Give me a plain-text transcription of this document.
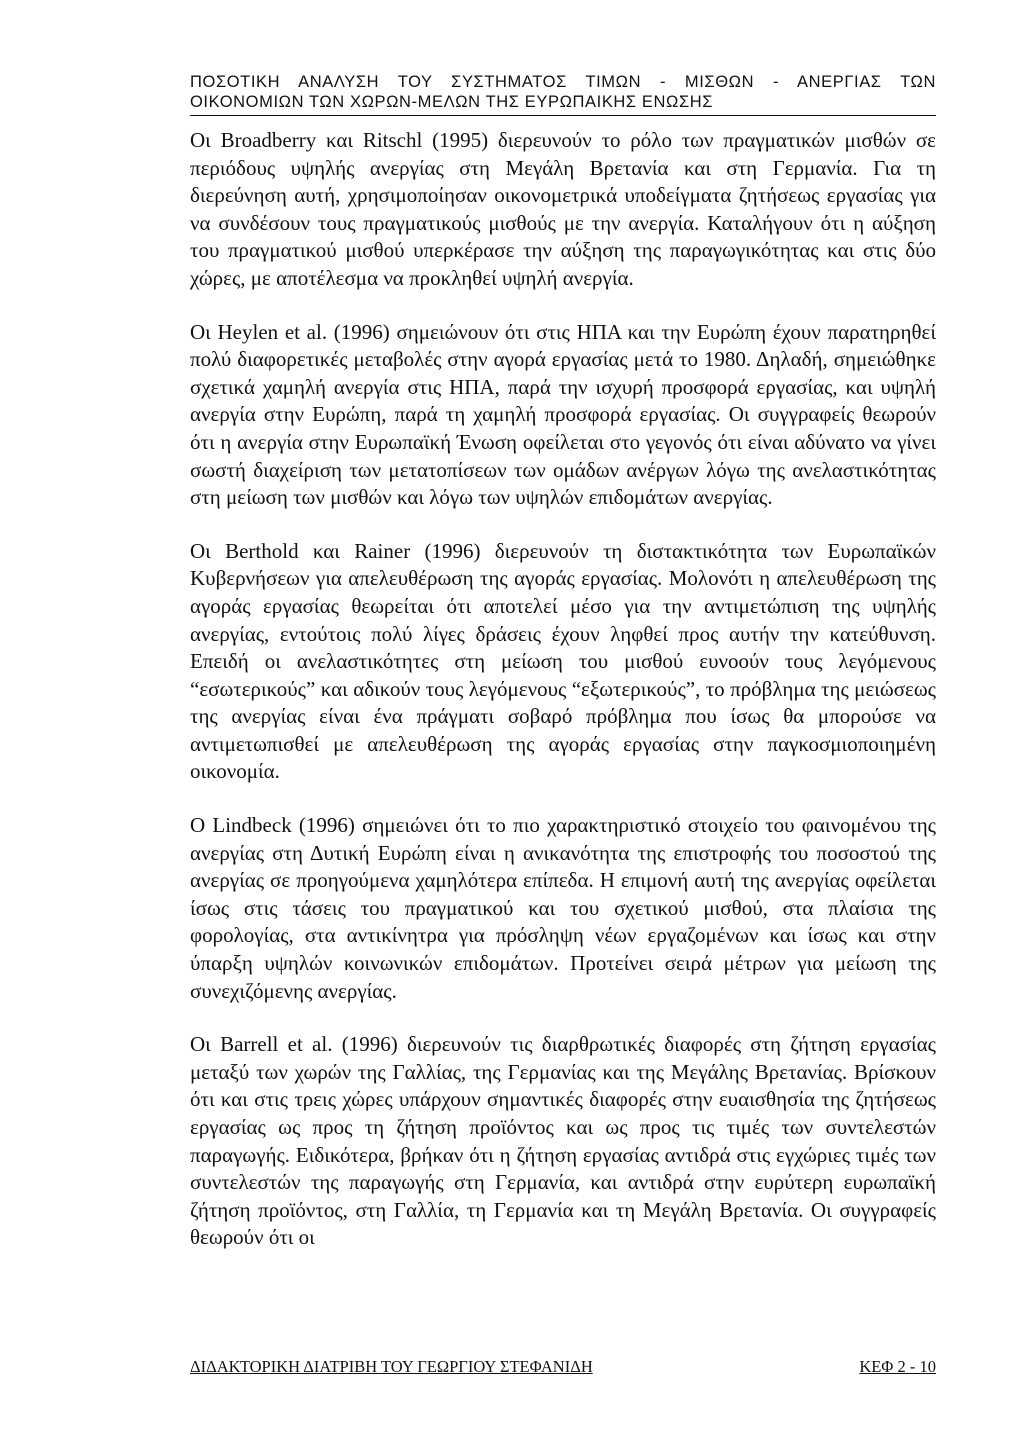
ΠΟΣΟΤΙΚΗ ΑΝΑΛΥΣΗ ΤΟΥ ΣΥΣΤΗΜΑΤΟΣ ΤΙΜΩΝ - ΜΙΣΘΩΝ - ΑΝΕΡΓΙΑΣ ΤΩΝ
ΟΙΚΟΝΟΜΙΩΝ ΤΩΝ ΧΩΡΩΝ-ΜΕΛΩΝ ΤΗΣ ΕΥΡΩΠΑΙΚΗΣ ΕΝΩΣΗΣ

Οι Broadberry και Ritschl (1995) διερευνούν το ρόλο των πραγματικών μισθών σε περιόδους υψηλής ανεργίας στη Μεγάλη Βρετανία και στη Γερμανία. Για τη διερεύνηση αυτή, χρησιμοποίησαν οικονομετρικά υποδείγματα ζητήσεως εργασίας για να συνδέσουν τους πραγματικούς μισθούς με την ανεργία. Καταλήγουν ότι η αύξηση του πραγματικού μισθού υπερκέρασε την αύξηση της παραγωγικότητας και στις δύο χώρες, με αποτέλεσμα να προκληθεί υψηλή ανεργία.

Οι Heylen et al. (1996) σημειώνουν ότι στις ΗΠΑ και την Ευρώπη έχουν παρατηρηθεί πολύ διαφορετικές μεταβολές στην αγορά εργασίας μετά το 1980. Δηλαδή, σημειώθηκε σχετικά χαμηλή ανεργία στις ΗΠΑ, παρά την ισχυρή προσφορά εργασίας, και υψηλή ανεργία στην Ευρώπη, παρά τη χαμηλή προσφορά εργασίας. Οι συγγραφείς θεωρούν ότι η ανεργία στην Ευρωπαϊκή Ένωση οφείλεται στο γεγονός ότι είναι αδύνατο να γίνει σωστή διαχείριση των μετατοπίσεων των ομάδων ανέργων λόγω της ανελαστικότητας στη μείωση των μισθών και λόγω των υψηλών επιδομάτων ανεργίας.

Οι Berthold και Rainer (1996) διερευνούν τη διστακτικότητα των Ευρωπαϊκών Κυβερνήσεων για απελευθέρωση της αγοράς εργασίας. Μολονότι η απελευθέρωση της αγοράς εργασίας θεωρείται ότι αποτελεί μέσο για την αντιμετώπιση της υψηλής ανεργίας, εντούτοις πολύ λίγες δράσεις έχουν ληφθεί προς αυτήν την κατεύθυνση. Επειδή οι ανελαστικότητες στη μείωση του μισθού ευνοούν τους λεγόμενους “εσωτερικούς” και αδικούν τους λεγόμενους “εξωτερικούς”, το πρόβλημα της μειώσεως της ανεργίας είναι ένα πράγματι σοβαρό πρόβλημα που ίσως θα μπορούσε να αντιμετωπισθεί με απελευθέρωση της αγοράς εργασίας στην παγκοσμιοποιημένη οικονομία.

Ο Lindbeck (1996) σημειώνει ότι το πιο χαρακτηριστικό στοιχείο του φαινομένου της ανεργίας στη Δυτική Ευρώπη είναι η ανικανότητα της επιστροφής του ποσοστού της ανεργίας σε προηγούμενα χαμηλότερα επίπεδα. Η επιμονή αυτή της ανεργίας οφείλεται ίσως στις τάσεις του πραγματικού και του σχετικού μισθού, στα πλαίσια της φορολογίας, στα αντικίνητρα για πρόσληψη νέων εργαζομένων και ίσως και στην ύπαρξη υψηλών κοινωνικών επιδομάτων. Προτείνει σειρά μέτρων για μείωση της συνεχιζόμενης ανεργίας.

Οι Barrell et al. (1996) διερευνούν τις διαρθρωτικές διαφορές στη ζήτηση εργασίας μεταξύ των χωρών της Γαλλίας, της Γερμανίας και της Μεγάλης Βρετανίας. Βρίσκουν ότι και στις τρεις χώρες υπάρχουν σημαντικές διαφορές στην ευαισθησία της ζητήσεως εργασίας ως προς τη ζήτηση προϊόντος και ως προς τις τιμές των συντελεστών παραγωγής. Ειδικότερα, βρήκαν ότι η ζήτηση εργασίας αντιδρά στις εγχώριες τιμές των συντελεστών της παραγωγής στη Γερμανία, και αντιδρά στην ευρύτερη ευρωπαϊκή ζήτηση προϊόντος, στη Γαλλία, τη Γερμανία και τη Μεγάλη Βρετανία. Οι συγγραφείς θεωρούν ότι οι

ΔΙΔΑΚΤΟΡΙΚΗ ΔΙΑΤΡΙΒΗ ΤΟΥ ΓΕΩΡΓΙΟΥ ΣΤΕΦΑΝΙΔΗ	ΚΕΦ 2 - 10
